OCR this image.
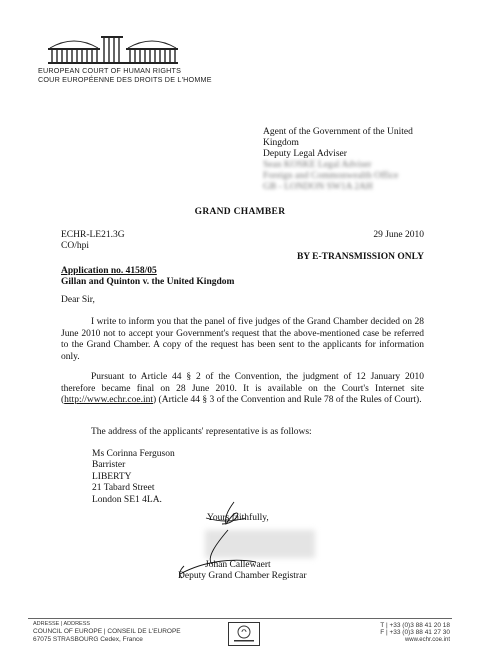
EUROPEAN COURT OF HUMAN RIGHTS
COUR EUROPÉENNE DES DROITS DE L'HOMME
Agent of the Government of the United
Kingdom
Deputy Legal Adviser
Sean KOSKE Legal Adviser
Foreign and Commonwealth Office
GB - LONDON SW1A 2AH
GRAND CHAMBER
ECHR-LE21.3G
CO/hpi
29 June 2010
BY E-TRANSMISSION ONLY
Application no. 4158/05
Gillan and Quinton v. the United Kingdom
Dear Sir,

I write to inform you that the panel of five judges of the Grand Chamber decided on 28 June 2010 not to accept your Government's request that the above-mentioned case be referred to the Grand Chamber. A copy of the request has been sent to the applicants for information only.

Pursuant to Article 44 § 2 of the Convention, the judgment of 12 January 2010 therefore became final on 28 June 2010. It is available on the Court's Internet site (http://www.echr.coe.int) (Article 44 § 3 of the Convention and Rule 78 of the Rules of Court).

The address of the applicants' representative is as follows:

Ms Corinna Ferguson
Barrister
LIBERTY
21 Tabard Street
London SE1 4LA.
Yours faithfully,
Johan Callewaert
Deputy Grand Chamber Registrar
ADRESSE | ADDRESS
COUNCIL OF EUROPE | CONSEIL DE L'EUROPE
67075 STRASBOURG Cedex, France
T | +33 (0)3 88 41 20 18
F | +33 (0)3 88 41 27 30
www.echr.coe.int
